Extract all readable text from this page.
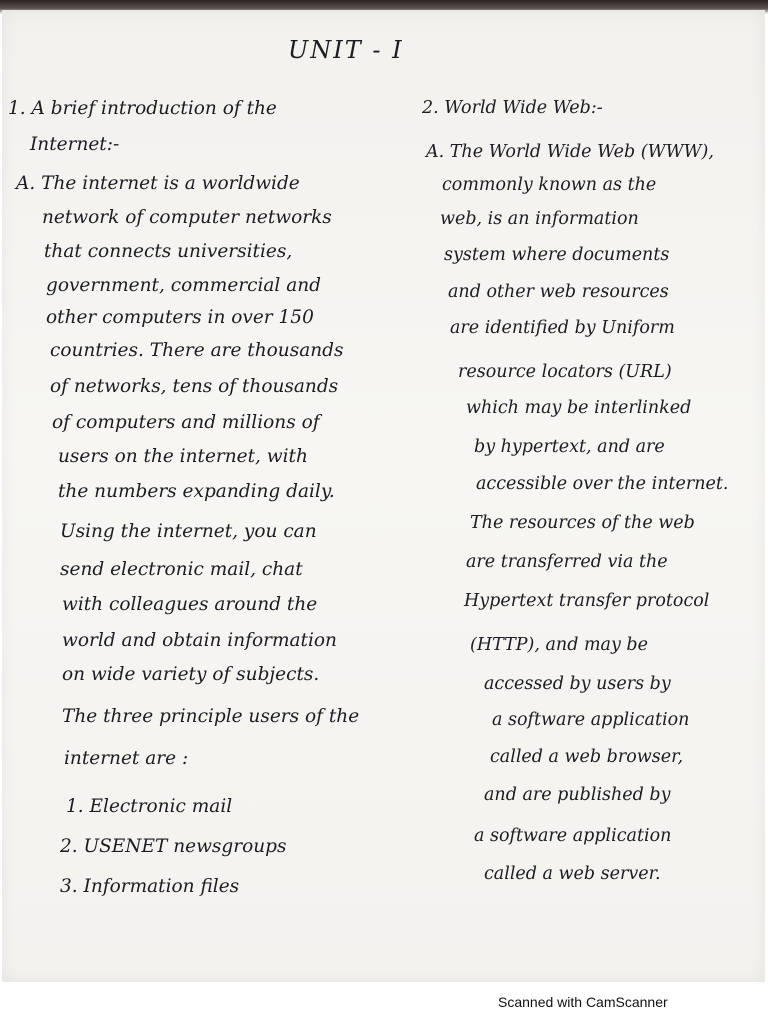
UNIT - I
1. A brief introduction of the
Internet:-
A. The internet is a worldwide
network of computer networks
that connects universities,
government, commercial and
other computers in over 150
countries. There are thousands
of networks, tens of thousands
of computers and millions of
users on the internet, with
the numbers expanding daily.
Using the internet, you can
send electronic mail, chat
with colleagues around the
world and obtain information
on wide variety of subjects.
The three principle users of the
internet are :
1. Electronic mail
2. USENET newsgroups
3. Information files
2. World Wide Web:-
A. The World Wide Web (WWW),
commonly known as the
web, is an information
system where documents
and other web resources
are identified by Uniform
resource locators (URL)
which may be interlinked
by hypertext, and are
accessible over the internet.
The resources of the web
are transferred via the
Hypertext transfer protocol
(HTTP), and may be
accessed by users by
a software application
called a web browser,
and are published by
a software application
called a web server.
Scanned with CamScanner
